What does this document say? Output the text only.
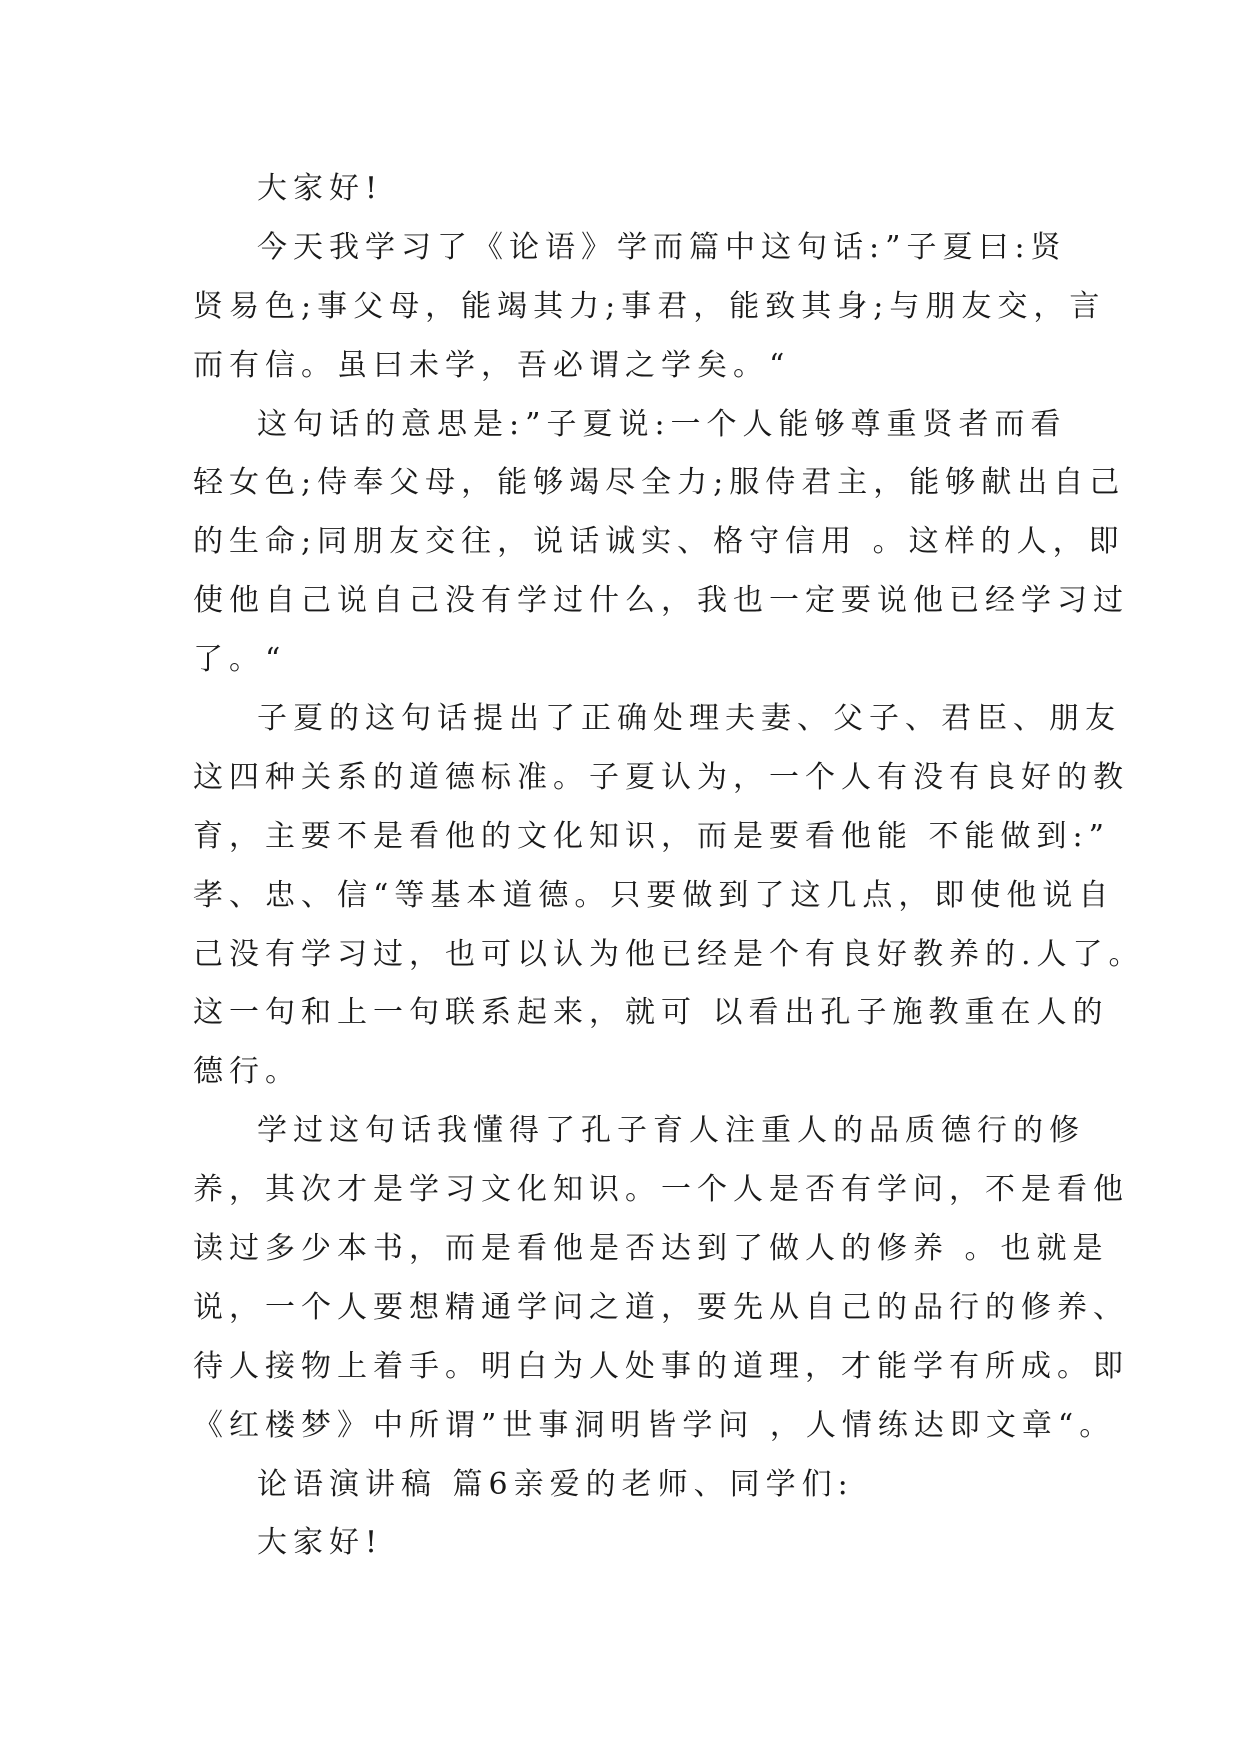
大家好!
今天我学习了《论语》学而篇中这句话:”子夏曰:贤
贤易色;事父母，能竭其力;事君，能致其身;与朋友交，言
而有信。虽曰未学，吾必谓之学矣。“
这句话的意思是:”子夏说:一个人能够尊重贤者而看
轻女色;侍奉父母，能够竭尽全力;服侍君主，能够献出自己
的生命;同朋友交往，说话诚实、格守信用 。这样的人，即
使他自己说自己没有学过什么，我也一定要说他已经学习过
了。“
子夏的这句话提出了正确处理夫妻、父子、君臣、朋友
这四种关系的道德标准。子夏认为，一个人有没有良好的教
育，主要不是看他的文化知识，而是要看他能 不能做到:”
孝、忠、信“等基本道德。只要做到了这几点，即使他说自
己没有学习过，也可以认为他已经是个有良好教养的.人了。
这一句和上一句联系起来，就可 以看出孔子施教重在人的
德行。
学过这句话我懂得了孔子育人注重人的品质德行的修
养，其次才是学习文化知识。一个人是否有学问，不是看他
读过多少本书，而是看他是否达到了做人的修养 。也就是
说，一个人要想精通学问之道，要先从自己的品行的修养、
待人接物上着手。明白为人处事的道理，才能学有所成。即
《红楼梦》中所谓”世事洞明皆学问 ，人情练达即文章“。
论语演讲稿 篇6亲爱的老师、同学们:
大家好!
